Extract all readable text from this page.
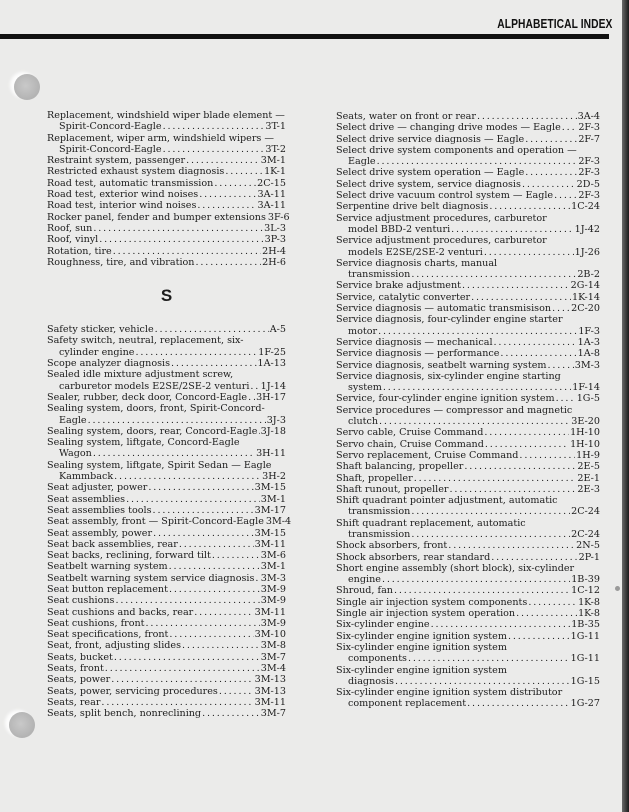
ALPHABETICAL INDEX
Replacement, windshield wiper blade element —
Spirit-Concord-Eagle . . .	3T-1
Replacement, wiper arm, windshield wipers —
Spirit-Concord-Eagle . . .	3T-2
Restraint system, passenger . . .	3M-1
Restricted exhaust system diagnosis . . .	1K-1
Road test, automatic transmission . . .	2C-15
Road test, exterior wind noises . . .	3A-11
Road test, interior wind noises . . .	3A-11
Rocker panel, fender and bumper extensions 3F-6
Roof, sun . . .	3L-3
Roof, vinyl . . .	3P-3
Rotation, tire . . .	2H-4
Roughness, tire, and vibration . . .	2H-6
S
Safety sticker, vehicle . . .	A-5
Safety switch, neutral, replacement, six-
cylinder engine . . .	1F-25
Scope analyzer diagnosis . . .	1A-13
Sealed idle mixture adjustment screw,
carburetor models E2SE/2SE-2 venturi . . . 1J-14
Sealer, rubber, deck door, Concord-Eagle . . . 3H-17
Sealing system, doors, front, Spirit-Concord-
Eagle . . .	3J-3
Sealing system, doors, rear, Concord-Eagle . . . 3J-18
Sealing system, liftgate, Concord-Eagle
Wagon . . .	3H-11
Sealing system, liftgate, Spirit Sedan — Eagle
Kammback . . .	3H-2
Seat adjuster, power . . .	3M-15
Seat assemblies . . .	3M-1
Seat assemblies tools . . .	3M-17
Seat assembly, front — Spirit-Concord-Eagle 3M-4
Seat assembly, power . . .	3M-15
Seat back assemblies, rear . . .	3M-11
Seat backs, reclining, forward tilt . . .	3M-6
Seatbelt warning system . . .	3M-1
Seatbelt warning system service diagnosis . . . 3M-3
Seat button replacement . . .	3M-9
Seat cushions . . .	3M-9
Seat cushions and backs, rear . . .	3M-11
Seat cushions, front . . .	3M-9
Seat specifications, front . . .	3M-10
Seat, front, adjusting slides . . .	3M-8
Seats, bucket . . .	3M-7
Seats, front . . .	3M-4
Seats, power . . .	3M-13
Seats, power, servicing procedures . . .	3M-13
Seats, rear . . .	3M-11
Seats, split bench, nonreclining . . .	3M-7
Seats, water on front or rear . . .	3A-4
Select drive — changing drive modes — Eagle . . . 2F-3
Select drive service diagnosis — Eagle . . .	2F-7
Select drive system components and operation —
Eagle . . .	2F-3
Select drive system operation — Eagle . . .	2F-3
Select drive system, service diagnosis . . .	2D-5
Select drive vacuum control system — Eagle . . .	2F-3
Serpentine drive belt diagnosis . . .	1C-24
Service adjustment procedures, carburetor
model BBD-2 venturi . . .	1J-42
Service adjustment procedures, carburetor
models E2SE/2SE-2 venturi . . .	1J-26
Service diagnosis charts, manual
transmission . . .	2B-2
Service brake adjustment . . .	2G-14
Service, catalytic converter . . .	1K-14
Service diagnosis — automatic transmisison . . . 2C-20
Service diagnosis, four-cylinder engine starter
motor . . .	1F-3
Service diagnosis — mechanical . . .	1A-3
Service diagnosis — performance . . .	1A-8
Service diagnosis, seatbelt warning system . . .	3M-3
Service diagnosis, six-cylinder engine starting
system . . .	1F-14
Service, four-cylinder engine ignition system . . . 1G-5
Service procedures — compressor and magnetic
clutch . . .	3E-20
Servo cable, Cruise Command . . .	1H-10
Servo chain, Cruise Command . . .	1H-10
Servo replacement, Cruise Command . . .	1H-9
Shaft balancing, propeller . . .	2E-5
Shaft, propeller . . .	2E-1
Shaft runout, propeller . . .	2E-3
Shift quadrant pointer adjustment, automatic
transmission . . .	2C-24
Shift quadrant replacement, automatic
transmission . . .	2C-24
Shock absorbers, front . . .	2N-5
Shock absorbers, rear standard . . .	2P-1
Short engine assembly (short block), six-cylinder
engine . . .	1B-39
Shroud, fan . . .	1C-12
Single air injection system components . . .	1K-8
Single air injection system operation . . .	1K-8
Six-cylinder engine . . .	1B-35
Six-cylinder engine ignition system . . .	1G-11
Six-cylinder engine ignition system
components . . .	1G-11
Six-cylinder engine ignition system
diagnosis . . .	1G-15
Six-cylinder engine ignition system distributor
component replacement . . .	1G-27
